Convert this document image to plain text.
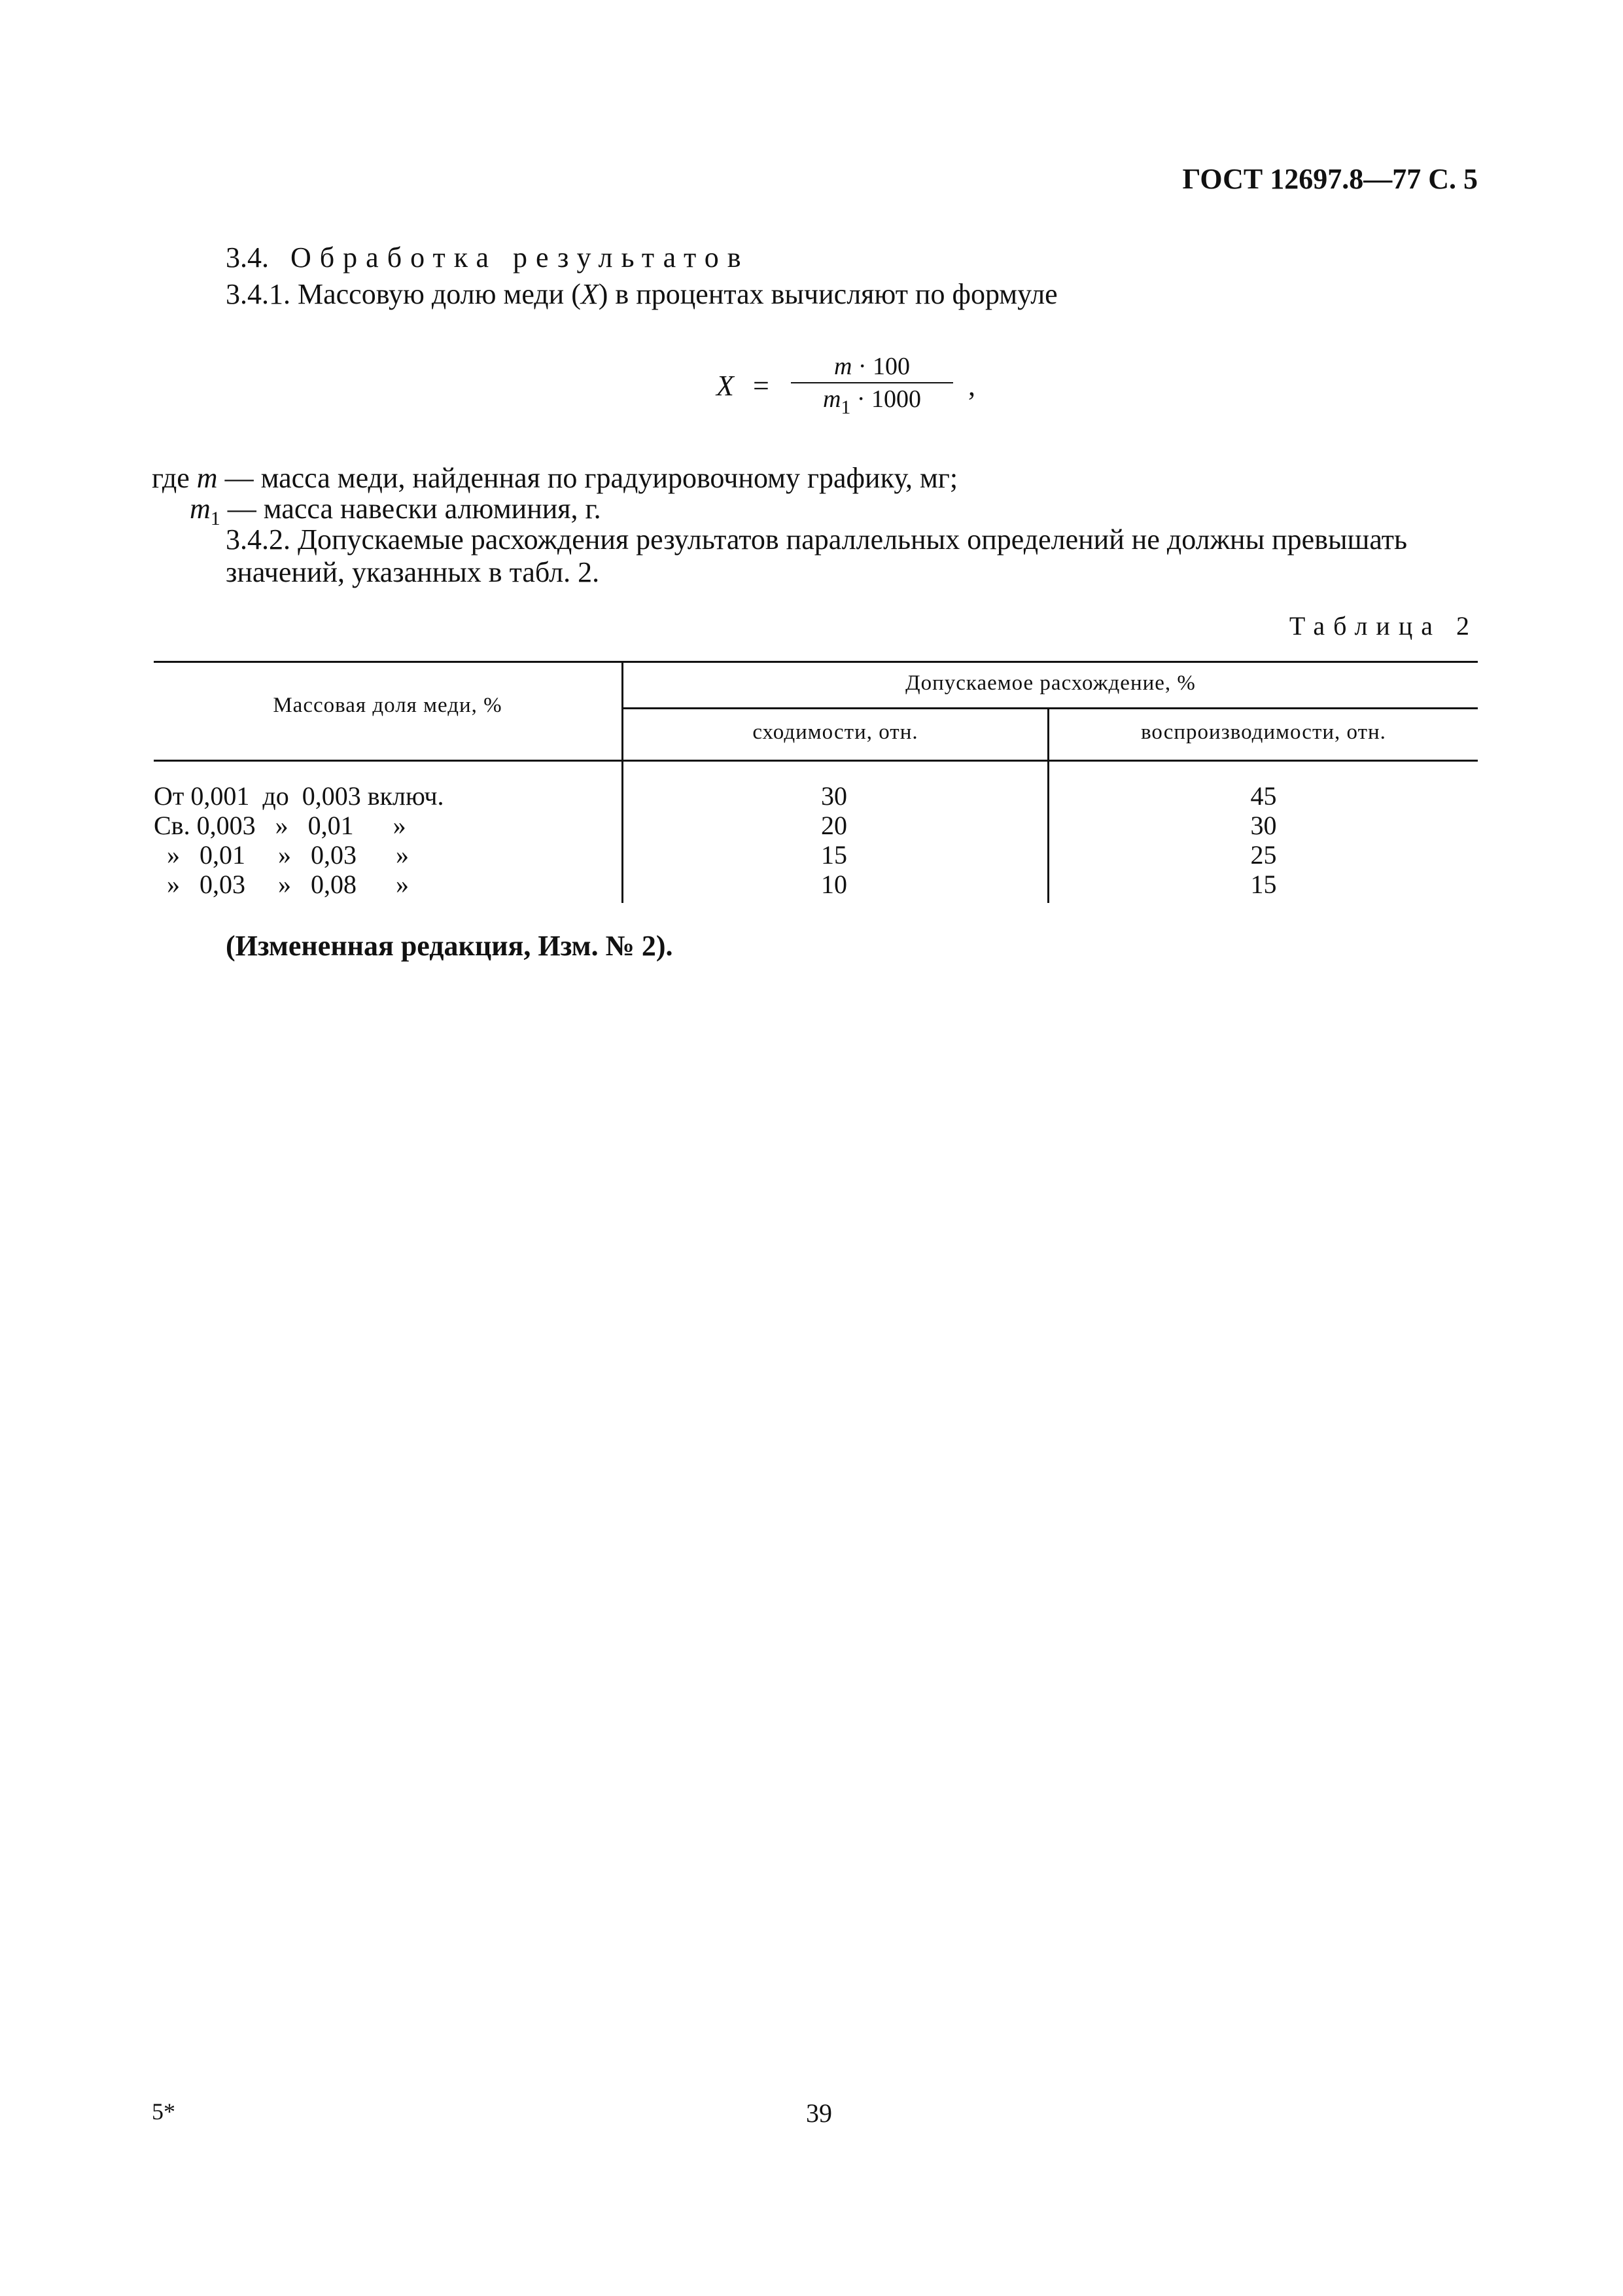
ГОСТ 12697.8—77 С. 5
3.4. Обработка результатов
3.4.1. Массовую долю меди (X) в процентах вычисляют по формуле
X =
m · 100
$m_1 \cdot 1000$	,
где m — масса меди, найденная по градуировочному графику, мг;
$m_1$ — масса навески алюминия, г.
3.4.2. Допускаемые расхождения результатов параллельных определений не должны превышать значений, указанных в табл. 2.
Таблица 2
Массовая доля меди, %
Допускаемое расхождение, %
сходимости, отн.	воспроизводимости, отн.
От 0,001  до  0,003 включ.	30	45
Св. 0,003   »   0,01      »	20	30
»   0,01     »   0,03      »	15	25
»   0,03     »   0,08      »	10	15
(Измененная редакция, Изм. № 2).
5*	39
